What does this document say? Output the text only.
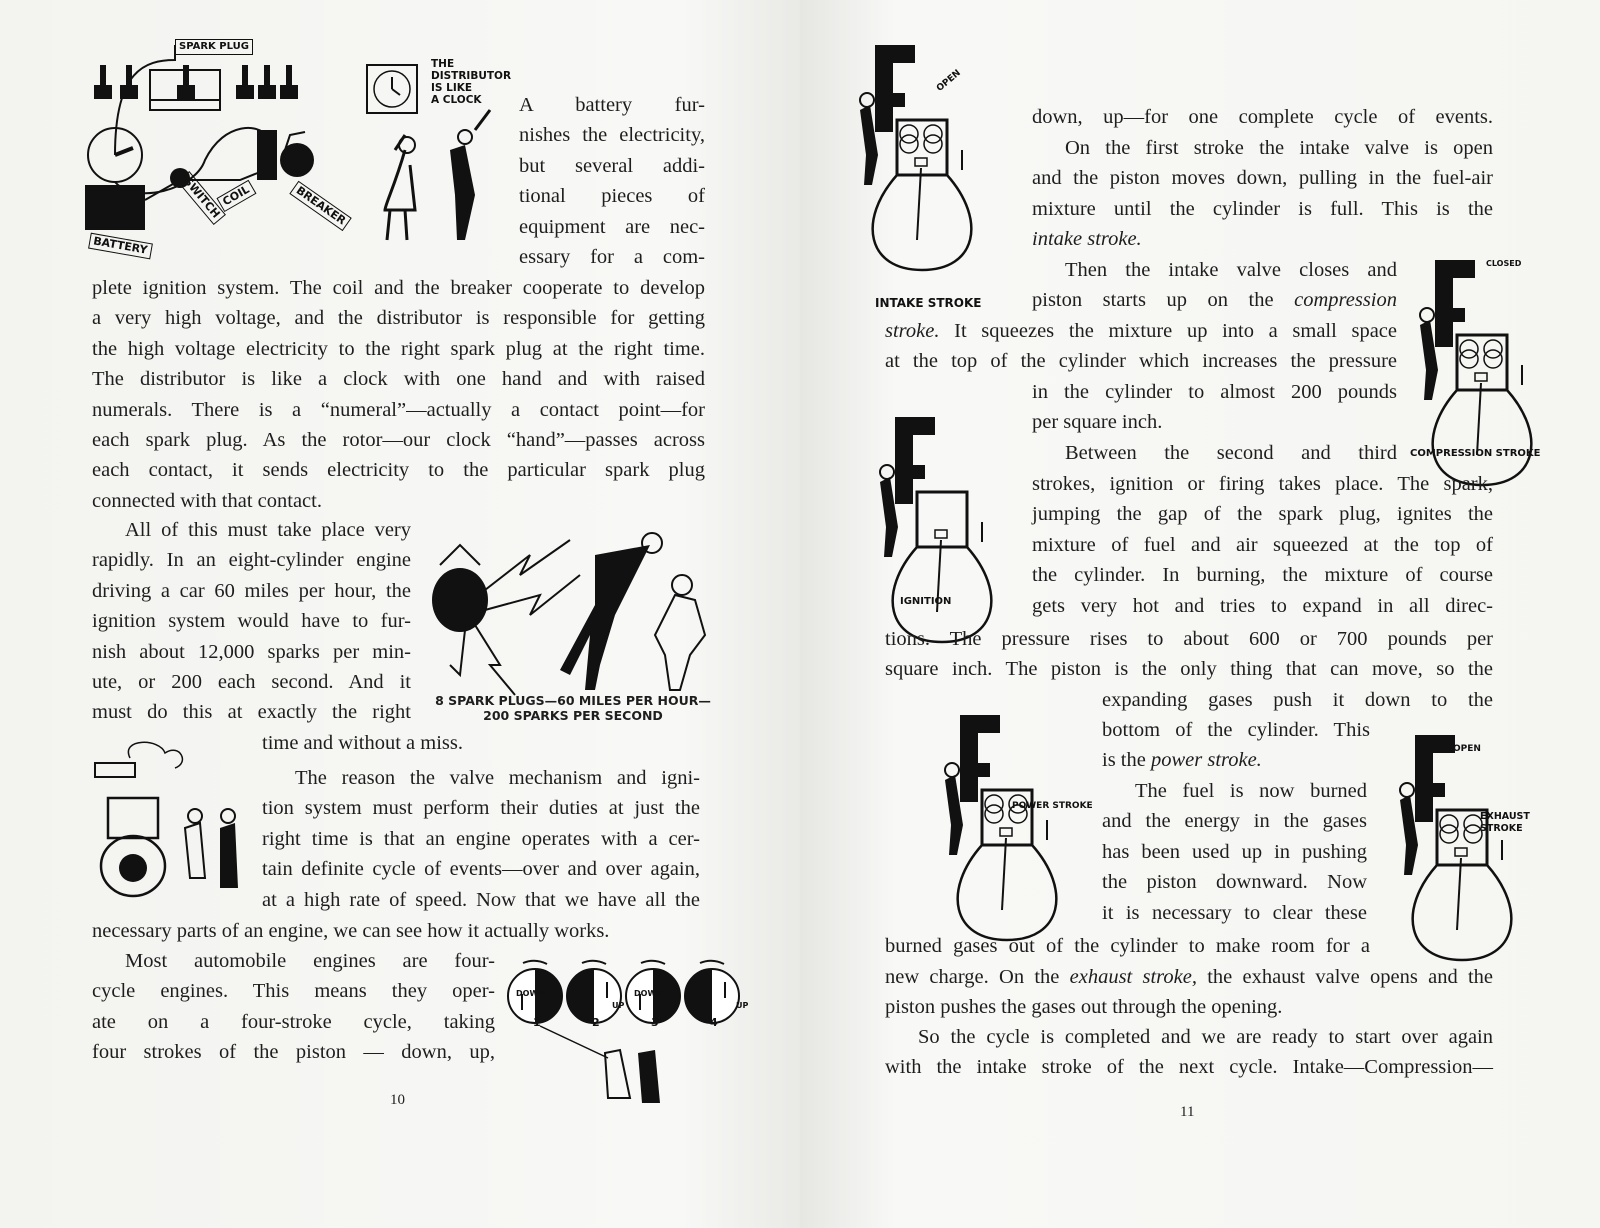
SPARK PLUG
BATTERY
SWITCH
COIL	BREAKER
THE
DISTRIBUTOR
IS LIKE
A CLOCK
8 SPARK PLUGS—60 MILES PER HOUR—
200 SPARKS PER SECOND
DOWN
UP
DOWN
UP
1	2	3	4
A battery fur-
nishes the electricity,
but several addi-
tional pieces of
equipment are nec-
essary for a com-
plete ignition system. The coil and the breaker cooperate to develop
a very high voltage, and the distributor is responsible for getting
the high voltage electricity to the right spark plug at the right time.
The distributor is like a clock with one hand and with raised
numerals. There is a “numeral”—actually a contact point—for
each spark plug. As the rotor—our clock “hand”—passes across
each contact, it sends electricity to the particular spark plug
connected with that contact.
All of this must take place very
rapidly. In an eight-cylinder engine
driving a car 60 miles per hour, the
ignition system would have to fur-
nish about 12,000 sparks per min-
ute, or 200 each second. And it
must do this at exactly the right
time and without a miss.
The reason the valve mechanism and igni-
tion system must perform their duties at just the
right time is that an engine operates with a cer-
tain definite cycle of events—over and over again,
at a high rate of speed. Now that we have all the
necessary parts of an engine, we can see how it actually works.
Most automobile engines are four-
cycle engines. This means they oper-
ate on a four-stroke cycle, taking
four strokes of the piston — down, up,
10
OPEN
INTAKE STROKE
CLOSED
COMPRESSION STROKE
IGNITION
POWER STROKE
OPEN
EXHAUST
STROKE
down, up—for one complete cycle of events.
On the first stroke the intake valve is open
and the piston moves down, pulling in the fuel-air
mixture until the cylinder is full. This is the
intake stroke.
Then the intake valve closes and
piston starts up on the compression
stroke. It squeezes the mixture up into a small space
at the top of the cylinder which increases the pressure
in the cylinder to almost 200 pounds
per square inch.
Between the second and third
strokes, ignition or firing takes place. The spark,
jumping the gap of the spark plug, ignites the
mixture of fuel and air squeezed at the top of
the cylinder. In burning, the mixture of course
gets very hot and tries to expand in all direc-
tions. The pressure rises to about 600 or 700 pounds per
square inch. The piston is the only thing that can move, so the
expanding gases push it down to the
bottom of the cylinder. This
is the power stroke.
The fuel is now burned
and the energy in the gases
has been used up in pushing
the piston downward. Now
it is necessary to clear these
burned gases out of the cylinder to make room for a
new charge. On the exhaust stroke, the exhaust valve opens and the
piston pushes the gases out through the opening.
So the cycle is completed and we are ready to start over again
with the intake stroke of the next cycle. Intake—Compression—
11
